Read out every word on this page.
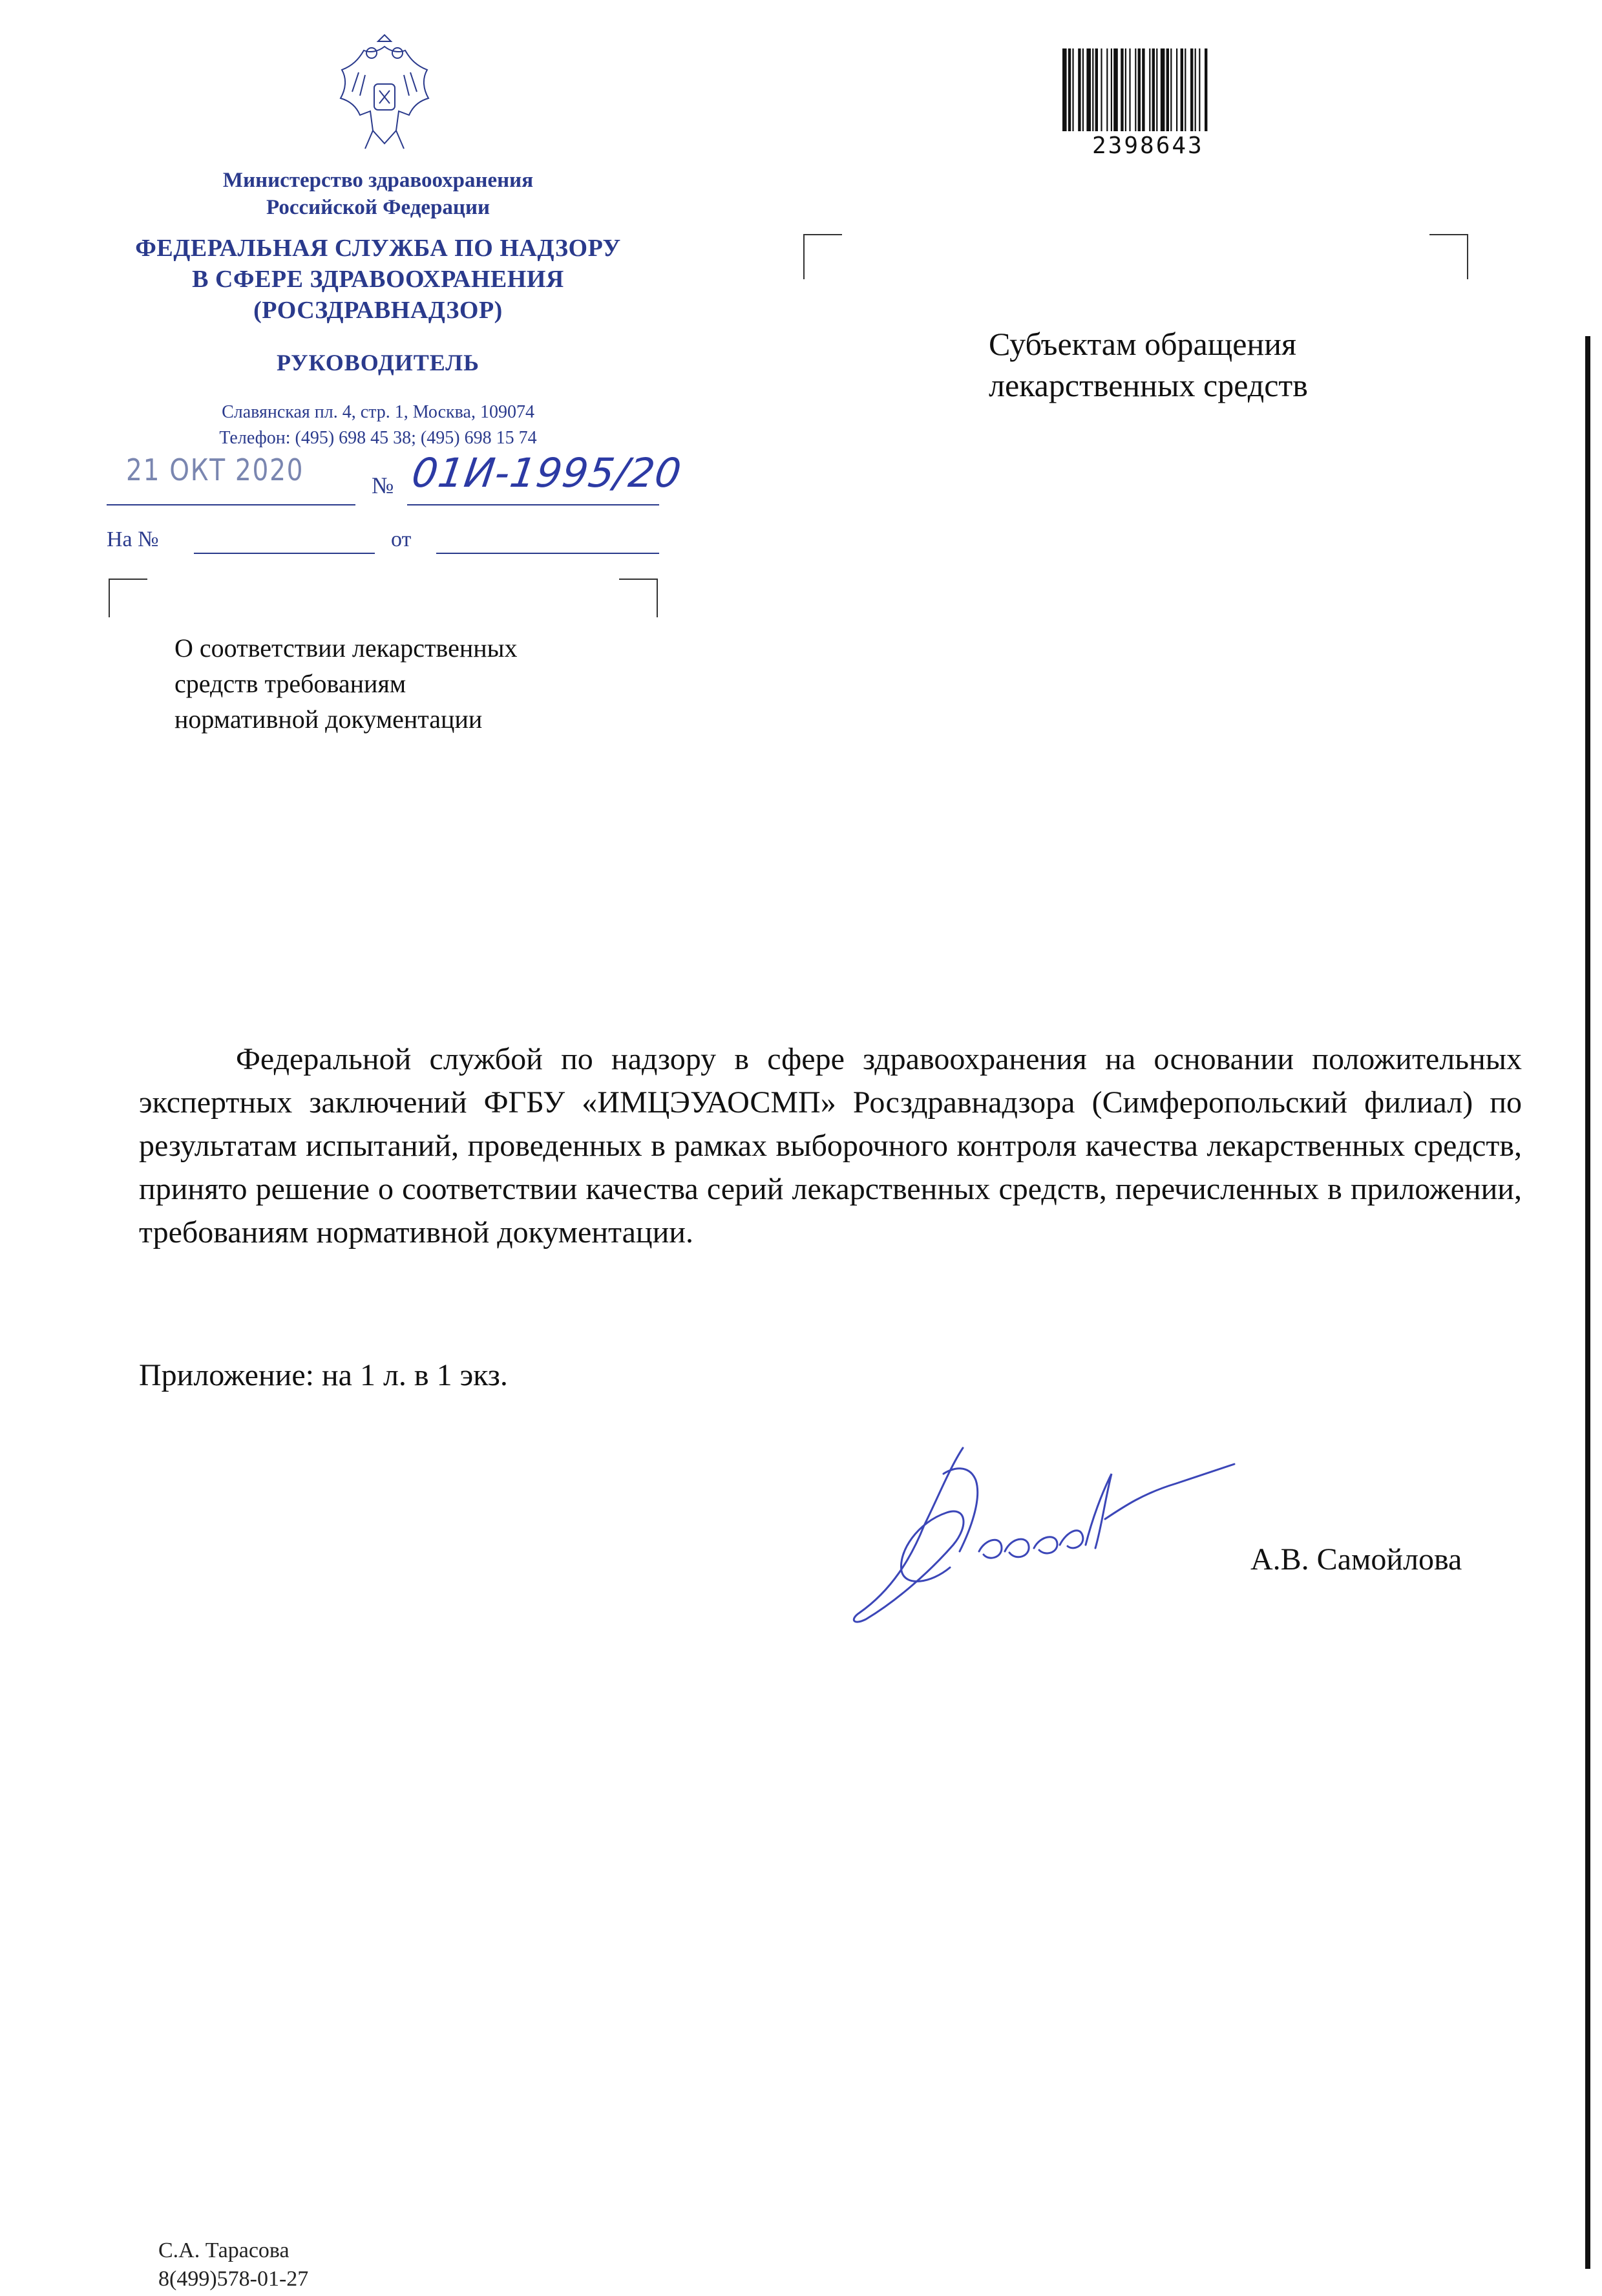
Министерство здравоохранения
Российской Федерации
ФЕДЕРАЛЬНАЯ СЛУЖБА ПО НАДЗОРУ
В СФЕРЕ ЗДРАВООХРАНЕНИЯ
(РОСЗДРАВНАДЗОР)
РУКОВОДИТЕЛЬ
Славянская пл. 4, стр. 1, Москва, 109074
Телефон: (495) 698 45 38; (495) 698 15 74
21 ОКТ 2020	№ 01И-1995/20
На №	от
О соответствии лекарственных
средств требованиям
нормативной документации
Субъектам обращения
лекарственных средств
2398643
Федеральной службой по надзору в сфере здравоохранения на основании положительных экспертных заключений ФГБУ «ИМЦЭУАОСМП» Росздравнадзора (Симферопольский филиал) по результатам испытаний, проведенных в рамках выборочного контроля качества лекарственных средств, принято решение о соответствии качества серий лекарственных средств, перечисленных в приложении, требованиям нормативной документации.
Приложение: на 1 л. в 1 экз.
А.В. Самойлова
С.А. Тарасова
8(499)578-01-27
